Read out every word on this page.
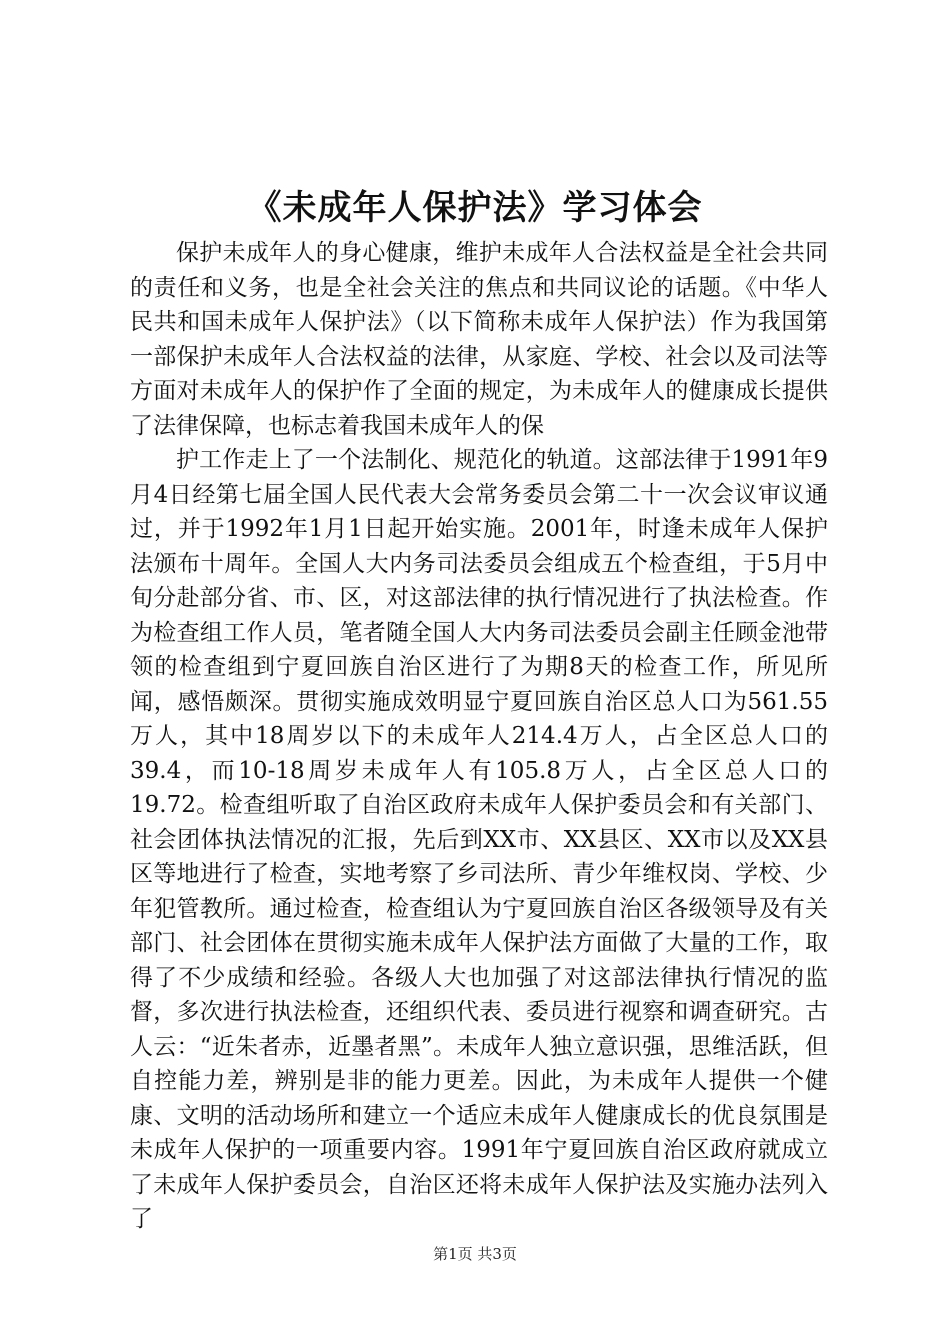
《未成年人保护法》学习体会

保护未成年人的身心健康，维护未成年人合法权益是全社会共同的责任和义务，也是全社会关注的焦点和共同议论的话题。《中华人民共和国未成年人保护法》（以下简称未成年人保护法）作为我国第一部保护未成年人合法权益的法律，从家庭、学校、社会以及司法等方面对未成年人的保护作了全面的规定，为未成年人的健康成长提供了法律保障，也标志着我国未成年人的保

护工作走上了一个法制化、规范化的轨道。这部法律于1991年9月4日经第七届全国人民代表大会常务委员会第二十一次会议审议通过，并于1992年1月1日起开始实施。2001年，时逢未成年人保护法颁布十周年。全国人大内务司法委员会组成五个检查组，于5月中旬分赴部分省、市、区，对这部法律的执行情况进行了执法检查。作为检查组工作人员，笔者随全国人大内务司法委员会副主任顾金池带领的检查组到宁夏回族自治区进行了为期8天的检查工作，所见所闻，感悟颇深。贯彻实施成效明显宁夏回族自治区总人口为561.55万人，其中18周岁以下的未成年人214.4万人，占全区总人口的39.4，而10-18周岁未成年人有105.8万人，占全区总人口的19.72。检查组听取了自治区政府未成年人保护委员会和有关部门、社会团体执法情况的汇报，先后到XX市、XX县区、XX市以及XX县区等地进行了检查，实地考察了乡司法所、青少年维权岗、学校、少年犯管教所。通过检查，检查组认为宁夏回族自治区各级领导及有关部门、社会团体在贯彻实施未成年人保护法方面做了大量的工作，取得了不少成绩和经验。各级人大也加强了对这部法律执行情况的监督，多次进行执法检查，还组织代表、委员进行视察和调查研究。古人云：“近朱者赤，近墨者黑”。未成年人独立意识强，思维活跃，但自控能力差，辨别是非的能力更差。因此，为未成年人提供一个健康、文明的活动场所和建立一个适应未成年人健康成长的优良氛围是未成年人保护的一项重要内容。1991年宁夏回族自治区政府就成立了未成年人保护委员会，自治区还将未成年人保护法及实施办法列入了

第1页 共3页
